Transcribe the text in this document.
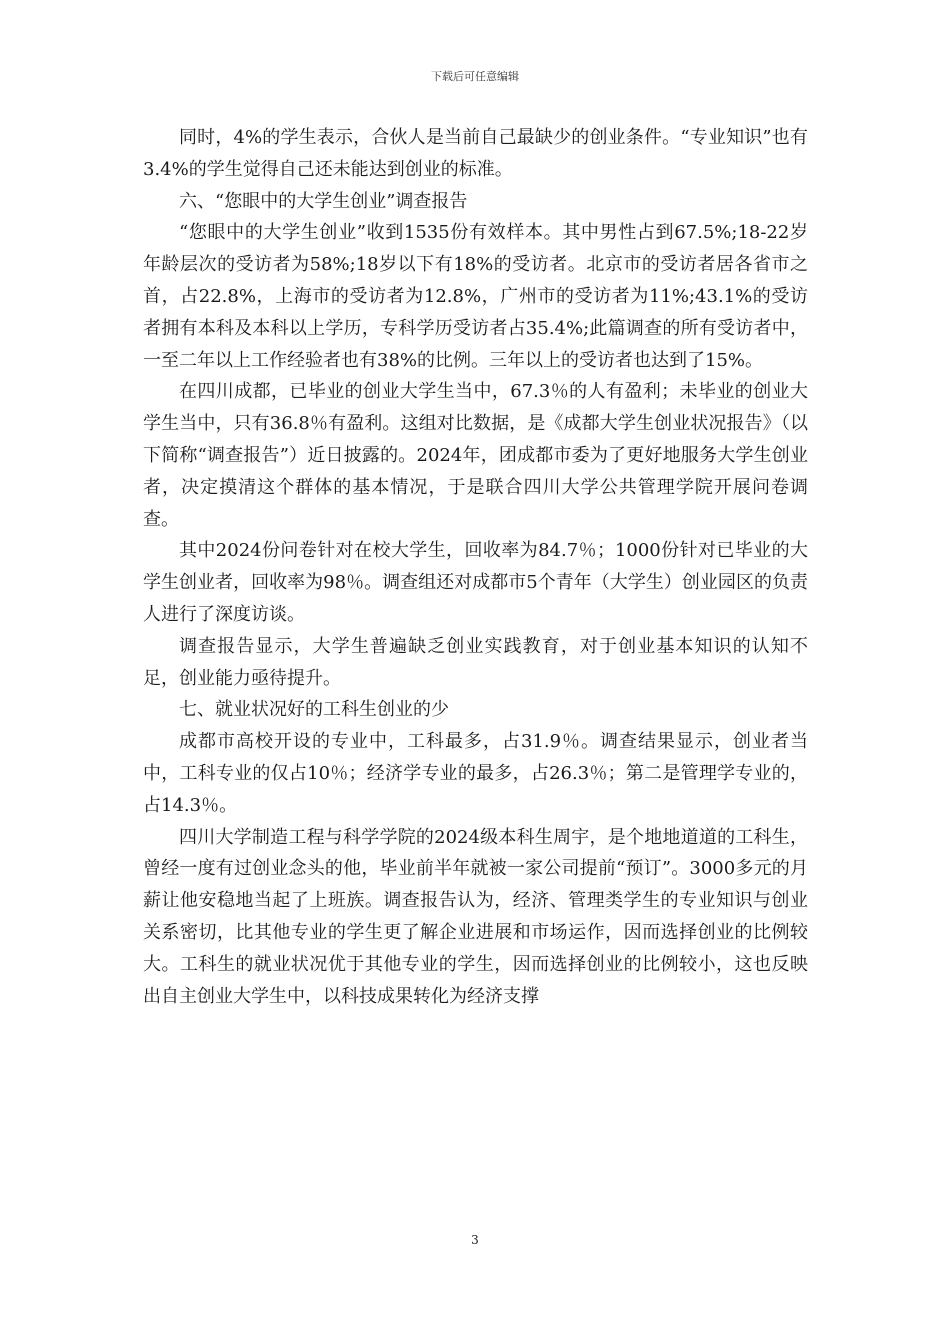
下载后可任意编辑

同时，4%的学生表示，合伙人是当前自己最缺少的创业条件。“专业知识”也有3.4%的学生觉得自己还未能达到创业的标准。

六、“您眼中的大学生创业”调查报告

“您眼中的大学生创业”收到1535份有效样本。其中男性占到67.5%;18-22岁年龄层次的受访者为58%;18岁以下有18%的受访者。北京市的受访者居各省市之首，占22.8%，上海市的受访者为12.8%，广州市的受访者为11%;43.1%的受访者拥有本科及本科以上学历，专科学历受访者占35.4%;此篇调查的所有受访者中，一至二年以上工作经验者也有38%的比例。三年以上的受访者也达到了15%。

在四川成都，已毕业的创业大学生当中，67.3％的人有盈利；未毕业的创业大学生当中，只有36.8％有盈利。这组对比数据，是《成都大学生创业状况报告》（以下简称“调查报告”）近日披露的。2024年，团成都市委为了更好地服务大学生创业者，决定摸清这个群体的基本情况，于是联合四川大学公共管理学院开展问卷调查。

其中2024份问卷针对在校大学生，回收率为84.7％；1000份针对已毕业的大学生创业者，回收率为98％。调查组还对成都市5个青年（大学生）创业园区的负责人进行了深度访谈。

调查报告显示，大学生普遍缺乏创业实践教育，对于创业基本知识的认知不足，创业能力亟待提升。

七、就业状况好的工科生创业的少

成都市高校开设的专业中，工科最多，占31.9％。调查结果显示，创业者当中，工科专业的仅占10％；经济学专业的最多，占26.3％；第二是管理学专业的，占14.3％。

四川大学制造工程与科学学院的2024级本科生周宇，是个地地道道的工科生，曾经一度有过创业念头的他，毕业前半年就被一家公司提前“预订”。3000多元的月薪让他安稳地当起了上班族。调查报告认为，经济、管理类学生的专业知识与创业关系密切，比其他专业的学生更了解企业进展和市场运作，因而选择创业的比例较大。工科生的就业状况优于其他专业的学生，因而选择创业的比例较小，这也反映出自主创业大学生中，以科技成果转化为经济支撑

3
